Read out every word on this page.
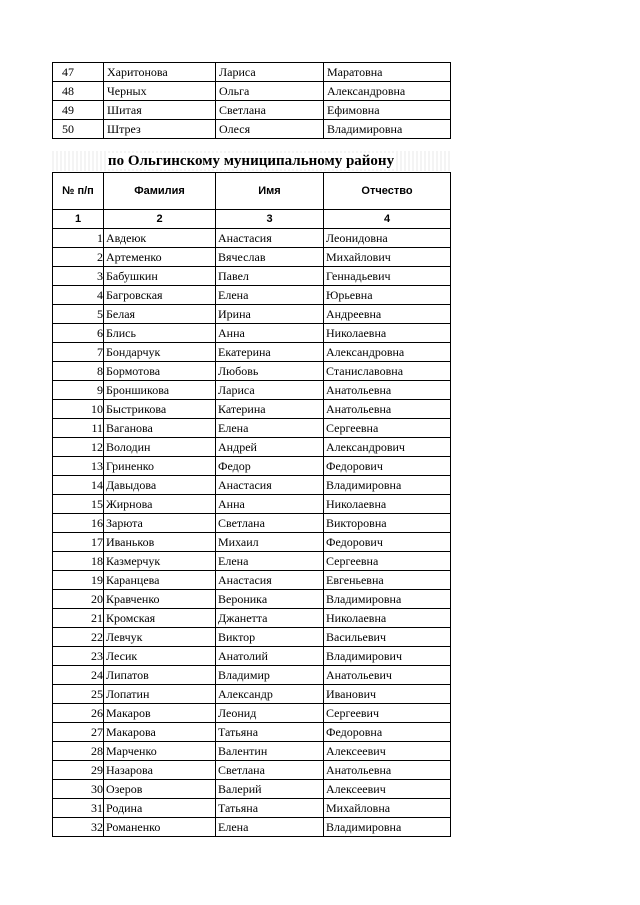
47	Харитонова	Лариса	Маратовна
48	Черных	Ольга	Александровна
49	Шитая	Светлана	Ефимовна
50	Штрез	Олеся	Владимировна
по Ольгинскому муниципальному району
№ п/п	Фамилия	Имя	Отчество
1	2	3	4
1	Авдеюк	Анастасия	Леонидовна
2	Артеменко	Вячеслав	Михайлович
3	Бабушкин	Павел	Геннадьевич
4	Багровская	Елена	Юрьевна
5	Белая	Ирина	Андреевна
6	Блись	Анна	Николаевна
7	Бондарчук	Екатерина	Александровна
8	Бормотова	Любовь	Станиславовна
9	Броншикова	Лариса	Анатольевна
10	Быстрикова	Катерина	Анатольевна
11	Ваганова	Елена	Сергеевна
12	Володин	Андрей	Александрович
13	Гриненко	Федор	Федорович
14	Давыдова	Анастасия	Владимировна
15	Жирнова	Анна	Николаевна
16	Зарюта	Светлана	Викторовна
17	Иваньков	Михаил	Федорович
18	Казмерчук	Елена	Сергеевна
19	Каранцева	Анастасия	Евгеньевна
20	Кравченко	Вероника	Владимировна
21	Кромская	Джанетта	Николаевна
22	Левчук	Виктор	Васильевич
23	Лесик	Анатолий	Владимирович
24	Липатов	Владимир	Анатольевич
25	Лопатин	Александр	Иванович
26	Макаров	Леонид	Сергеевич
27	Макарова	Татьяна	Федоровна
28	Марченко	Валентин	Алексеевич
29	Назарова	Светлана	Анатольевна
30	Озеров	Валерий	Алексеевич
31	Родина	Татьяна	Михайловна
32	Романенко	Елена	Владимировна
